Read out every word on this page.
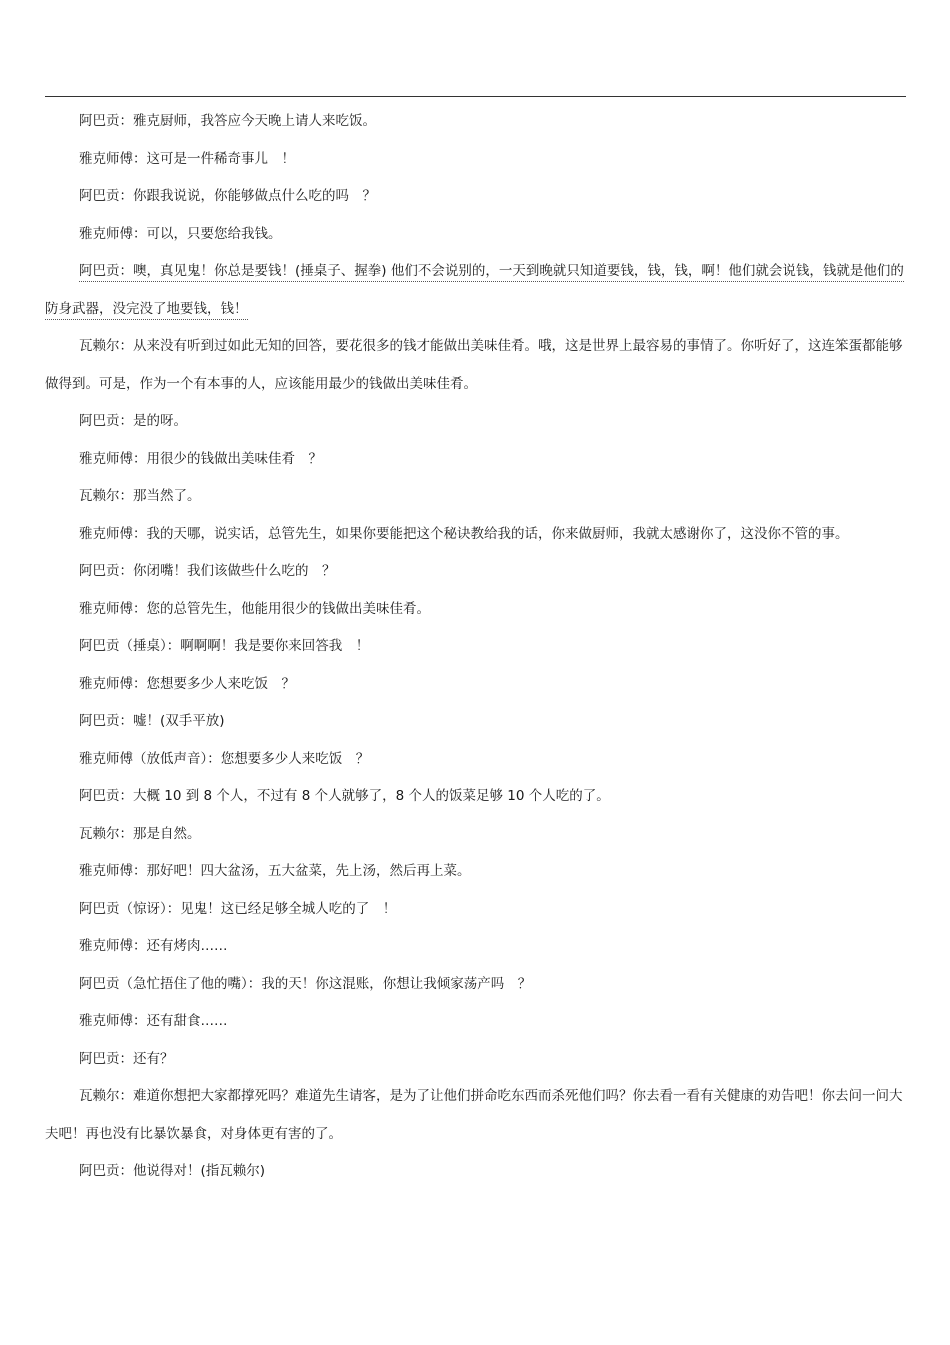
阿巴贡：雅克厨师，我答应今天晚上请人来吃饭。

雅克师傅：这可是一件稀奇事儿　！

阿巴贡：你跟我说说，你能够做点什么吃的吗　？

雅克师傅：可以，只要您给我钱。

阿巴贡：噢，真见鬼！你总是要钱！(捶桌子、握拳) 他们不会说别的，一天到晚就只知道要钱，钱，钱，啊！他们就会说钱，钱就是他们的防身武器，没完没了地要钱，钱！

瓦赖尔：从来没有听到过如此无知的回答，要花很多的钱才能做出美味佳肴。哦，这是世界上最容易的事情了。你听好了，这连笨蛋都能够做得到。可是，作为一个有本事的人，应该能用最少的钱做出美味佳肴。

阿巴贡：是的呀。

雅克师傅：用很少的钱做出美味佳肴　？

瓦赖尔：那当然了。

雅克师傅：我的天哪，说实话，总管先生，如果你要能把这个秘诀教给我的话，你来做厨师，我就太感谢你了，这没你不管的事。

阿巴贡：你闭嘴！我们该做些什么吃的　？

雅克师傅：您的总管先生，他能用很少的钱做出美味佳肴。

阿巴贡（捶桌）：啊啊啊！我是要你来回答我　！

雅克师傅：您想要多少人来吃饭　？

阿巴贡：嘘！(双手平放)

雅克师傅（放低声音）：您想要多少人来吃饭　？

阿巴贡：大概 10 到 8 个人，不过有 8 个人就够了，8 个人的饭菜足够 10 个人吃的了。

瓦赖尔：那是自然。

雅克师傅：那好吧！四大盆汤，五大盆菜，先上汤，然后再上菜。

阿巴贡（惊讶）：见鬼！这已经足够全城人吃的了　！

雅克师傅：还有烤肉……

阿巴贡（急忙捂住了他的嘴）：我的天！你这混账，你想让我倾家荡产吗　？

雅克师傅：还有甜食……

阿巴贡：还有？

瓦赖尔：难道你想把大家都撑死吗？难道先生请客，是为了让他们拼命吃东西而杀死他们吗？你去看一看有关健康的劝告吧！你去问一问大夫吧！再也没有比暴饮暴食，对身体更有害的了。

阿巴贡：他说得对！(指瓦赖尔)
